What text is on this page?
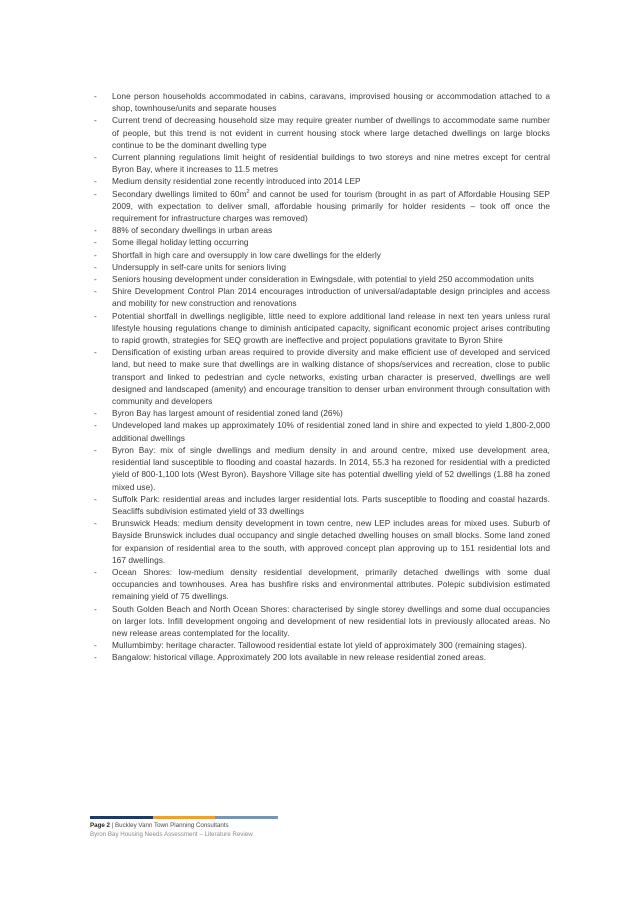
- Lone person households accommodated in cabins, caravans, improvised housing or accommodation attached to a shop, townhouse/units and separate houses
- Current trend of decreasing household size may require greater number of dwellings to accommodate same number of people, but this trend is not evident in current housing stock where large detached dwellings on large blocks continue to be the dominant dwelling type
- Current planning regulations limit height of residential buildings to two storeys and nine metres except for central Byron Bay, where it increases to 11.5 metres
- Medium density residential zone recently introduced into 2014 LEP
- Secondary dwellings limited to $60m^2$ and cannot be used for tourism (brought in as part of Affordable Housing SEP 2009, with expectation to deliver small, affordable housing primarily for holder residents – took off once the requirement for infrastructure charges was removed)
- 88% of secondary dwellings in urban areas
- Some illegal holiday letting occurring
- Shortfall in high care and oversupply in low care dwellings for the elderly
- Undersupply in self-care units for seniors living
- Seniors housing development under consideration in Ewingsdale, with potential to yield 250 accommodation units
- Shire Development Control Plan 2014 encourages introduction of universal/adaptable design principles and access and mobility for new construction and renovations
- Potential shortfall in dwellings negligible, little need to explore additional land release in next ten years unless rural lifestyle housing regulations change to diminish anticipated capacity, significant economic project arises contributing to rapid growth, strategies for SEQ growth are ineffective and project populations gravitate to Byron Shire
- Densification of existing urban areas required to provide diversity and make efficient use of developed and serviced land, but need to make sure that dwellings are in walking distance of shops/services and recreation, close to public transport and linked to pedestrian and cycle networks, existing urban character is preserved, dwellings are well designed and landscaped (amenity) and encourage transition to denser urban environment through consultation with community and developers
- Byron Bay has largest amount of residential zoned land (26%)
- Undeveloped land makes up approximately 10% of residential zoned land in shire and expected to yield 1,800-2,000 additional dwellings
- Byron Bay: mix of single dwellings and medium density in and around centre, mixed use development area, residential land susceptible to flooding and coastal hazards. In 2014, 55.3 ha rezoned for residential with a predicted yield of 800-1,100 lots (West Byron). Bayshore Village site has potential dwelling yield of 52 dwellings (1.88 ha zoned mixed use).
- Suffolk Park: residential areas and includes larger residential lots. Parts susceptible to flooding and coastal hazards. Seacliffs subdivision estimated yield of 33 dwellings
- Brunswick Heads: medium density development in town centre, new LEP includes areas for mixed uses. Suburb of Bayside Brunswick includes dual occupancy and single detached dwelling houses on small blocks. Some land zoned for expansion of residential area to the south, with approved concept plan approving up to 151 residential lots and 167 dwellings.
- Ocean Shores: low-medium density residential development, primarily detached dwellings with some dual occupancies and townhouses. Area has bushfire risks and environmental attributes. Polepic subdivision estimated remaining yield of 75 dwellings.
- South Golden Beach and North Ocean Shores: characterised by single storey dwellings and some dual occupancies on larger lots. Infill development ongoing and development of new residential lots in previously allocated areas. No new release areas contemplated for the locality.
- Mullumbimby: heritage character. Tallowood residential estate lot yield of approximately 300 (remaining stages).
- Bangalow: historical village. Approximately 200 lots available in new release residential zoned areas.
Page 2 | Buckley Vann Town Planning Consultants
Byron Bay Housing Needs Assessment – Literature Review
